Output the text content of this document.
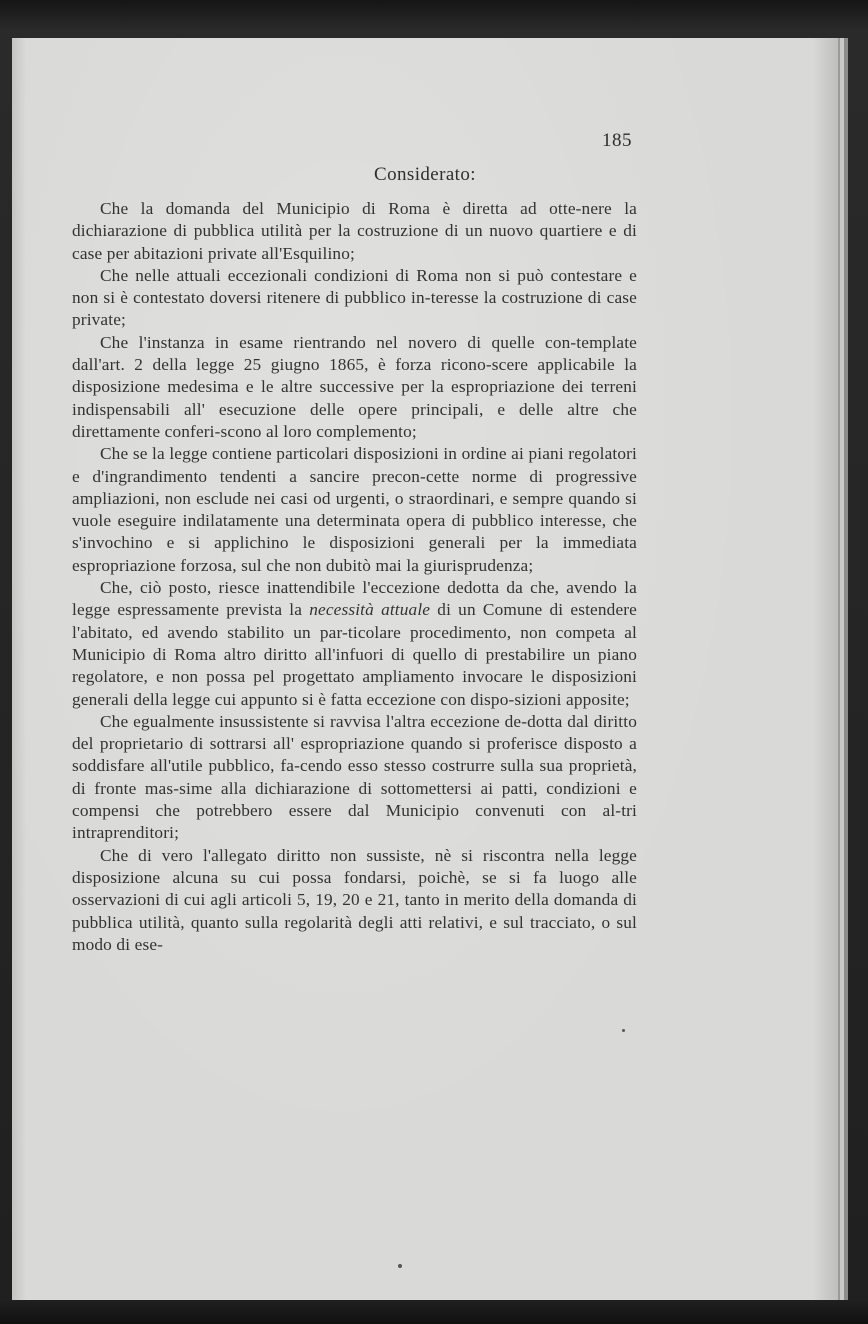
185
Considerato:

Che la domanda del Municipio di Roma è diretta ad otte-nere la dichiarazione di pubblica utilità per la costruzione di un nuovo quartiere e di case per abitazioni private all'Esquilino;

Che nelle attuali eccezionali condizioni di Roma non si può contestare e non si è contestato doversi ritenere di pubblico in-teresse la costruzione di case private;

Che l'instanza in esame rientrando nel novero di quelle con-template dall'art. 2 della legge 25 giugno 1865, è forza ricono-scere applicabile la disposizione medesima e le altre successive per la espropriazione dei terreni indispensabili all' esecuzione delle opere principali, e delle altre che direttamente conferi-scono al loro complemento;

Che se la legge contiene particolari disposizioni in ordine ai piani regolatori e d'ingrandimento tendenti a sancire precon-cette norme di progressive ampliazioni, non esclude nei casi od urgenti, o straordinari, e sempre quando si vuole eseguire indilatamente una determinata opera di pubblico interesse, che s'invochino e si applichino le disposizioni generali per la immediata espropriazione forzosa, sul che non dubitò mai la giurisprudenza;

Che, ciò posto, riesce inattendibile l'eccezione dedotta da che, avendo la legge espressamente prevista la necessità attuale di un Comune di estendere l'abitato, ed avendo stabilito un par-ticolare procedimento, non competa al Municipio di Roma altro diritto all'infuori di quello di prestabilire un piano regolatore, e non possa pel progettato ampliamento invocare le disposizioni generali della legge cui appunto si è fatta eccezione con dispo-sizioni apposite;

Che egualmente insussistente si ravvisa l'altra eccezione de-dotta dal diritto del proprietario di sottrarsi all' espropriazione quando si proferisce disposto a soddisfare all'utile pubblico, fa-cendo esso stesso costrurre sulla sua proprietà, di fronte mas-sime alla dichiarazione di sottomettersi ai patti, condizioni e compensi che potrebbero essere dal Municipio convenuti con al-tri intraprenditori;

Che di vero l'allegato diritto non sussiste, nè si riscontra nella legge disposizione alcuna su cui possa fondarsi, poichè, se si fa luogo alle osservazioni di cui agli articoli 5, 19, 20 e 21, tanto in merito della domanda di pubblica utilità, quanto sulla regolarità degli atti relativi, e sul tracciato, o sul modo di ese-
